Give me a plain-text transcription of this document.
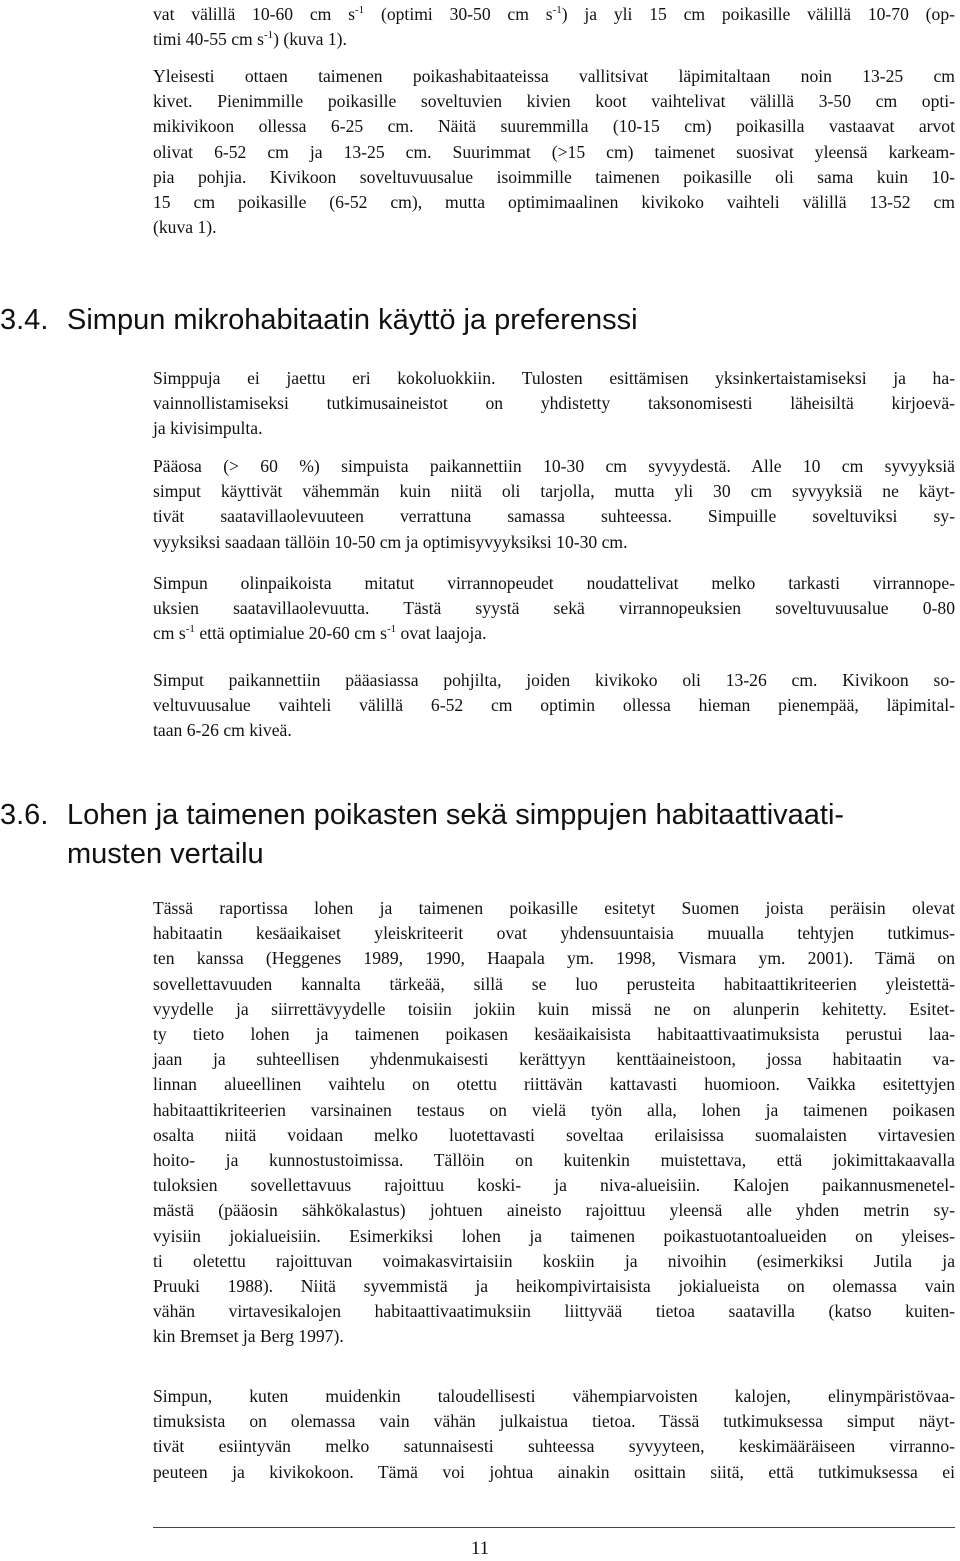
vat välillä 10-60 cm $s^{-1}$ (optimi 30-50 cm $s^{-1}$) ja yli 15 cm poikasille välillä 10-70 (op-
timi 40-55 cm $s^{-1}$) (kuva 1).
Yleisesti ottaen taimenen poikashabitaateissa vallitsivat läpimitaltaan noin 13-25 cm
kivet. Pienimmille poikasille soveltuvien kivien koot vaihtelivat välillä 3-50 cm opti-
mikivikoon ollessa 6-25 cm. Näitä suuremmilla (10-15 cm) poikasilla vastaavat arvot
olivat 6-52 cm ja 13-25 cm. Suurimmat (>15 cm) taimenet suosivat yleensä karkeam-
pia pohjia. Kivikoon soveltuvuusalue isoimmille taimenen poikasille oli sama kuin 10-
15 cm poikasille (6-52 cm), mutta optimimaalinen kivikoko vaihteli välillä 13-52 cm
(kuva 1).
3.4. Simpun mikrohabitaatin käyttö ja preferenssi
Simppuja ei jaettu eri kokoluokkiin. Tulosten esittämisen yksinkertaistamiseksi ja ha-
vainnollistamiseksi tutkimusaineistot on yhdistetty taksonomisesti läheisiltä kirjoevä-
ja kivisimpulta.
Pääosa (> 60 %) simpuista paikannettiin 10-30 cm syvyydestä. Alle 10 cm syvyyksiä
simput käyttivät vähemmän kuin niitä oli tarjolla, mutta yli 30 cm syvyyksiä ne käyt-
tivät saatavillaolevuuteen verrattuna samassa suhteessa. Simpuille soveltuviksi sy-
vyyksiksi saadaan tällöin 10-50 cm ja optimisyvyyksiksi 10-30 cm.
Simpun olinpaikoista mitatut virrannopeudet noudattelivat melko tarkasti virrannope-
uksien saatavillaolevuutta. Tästä syystä sekä virrannopeuksien soveltuvuusalue 0-80
cm $s^{-1}$ että optimialue 20-60 cm $s^{-1}$ ovat laajoja.
Simput paikannettiin pääasiassa pohjilta, joiden kivikoko oli 13-26 cm. Kivikoon so-
veltuvuusalue vaihteli välillä 6-52 cm optimin ollessa hieman pienempää, läpimital-
taan 6-26 cm kiveä.
3.6. Lohen ja taimenen poikasten sekä simppujen habitaattivaati-
musten vertailu
Tässä raportissa lohen ja taimenen poikasille esitetyt Suomen joista peräisin olevat
habitaatin kesäaikaiset yleiskriteerit ovat yhdensuuntaisia muualla tehtyjen tutkimus-
ten kanssa (Heggenes 1989, 1990, Haapala ym. 1998, Vismara ym. 2001). Tämä on
sovellettavuuden kannalta tärkeää, sillä se luo perusteita habitaattikriteerien yleistettä-
vyydelle ja siirrettävyydelle toisiin jokiin kuin missä ne on alunperin kehitetty. Esitet-
ty tieto lohen ja taimenen poikasen kesäaikaisista habitaattivaatimuksista perustui laa-
jaan ja suhteellisen yhdenmukaisesti kerättyyn kenttäaineistoon, jossa habitaatin va-
linnan alueellinen vaihtelu on otettu riittävän kattavasti huomioon. Vaikka esitettyjen
habitaattikriteerien varsinainen testaus on vielä työn alla, lohen ja taimenen poikasen
osalta niitä voidaan melko luotettavasti soveltaa erilaisissa suomalaisten virtavesien
hoito- ja kunnostustoimissa. Tällöin on kuitenkin muistettava, että jokimittakaavalla
tuloksien sovellettavuus rajoittuu koski- ja niva-alueisiin. Kalojen paikannusmenetel-
mästä (pääosin sähkökalastus) johtuen aineisto rajoittuu yleensä alle yhden metrin sy-
vyisiin jokialueisiin. Esimerkiksi lohen ja taimenen poikastuotantoalueiden on yleises-
ti oletettu rajoittuvan voimakasvirtaisiin koskiin ja nivoihin (esimerkiksi Jutila ja
Pruuki 1988). Niitä syvemmistä ja heikompivirtaisista jokialueista on olemassa vain
vähän virtavesikalojen habitaattivaatimuksiin liittyvää tietoa saatavilla (katso kuiten-
kin Bremset ja Berg 1997).
Simpun, kuten muidenkin taloudellisesti vähempiarvoisten kalojen, elinympäristövaa-
timuksista on olemassa vain vähän julkaistua tietoa. Tässä tutkimuksessa simput näyt-
tivät esiintyvän melko satunnaisesti suhteessa syvyyteen, keskimääräiseen virranno-
peuteen ja kivikokoon. Tämä voi johtua ainakin osittain siitä, että tutkimuksessa ei
11
